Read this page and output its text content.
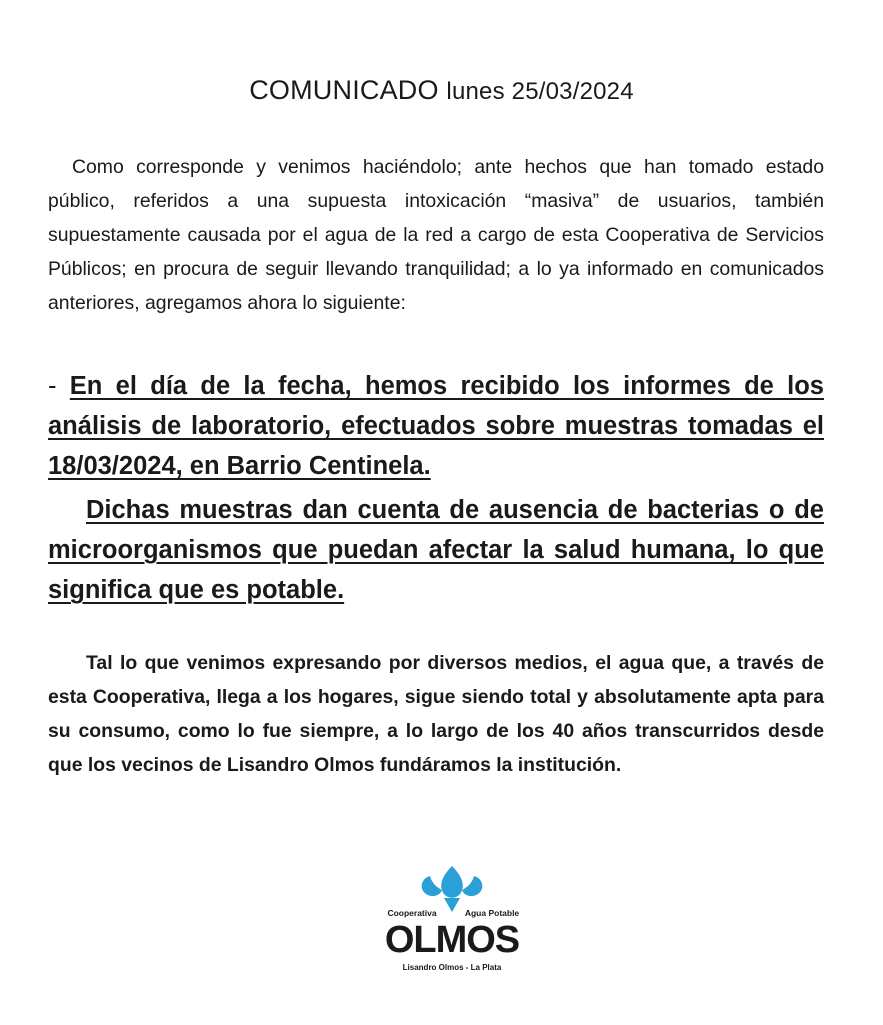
COMUNICADO lunes 25/03/2024

Como corresponde y venimos haciéndolo; ante hechos que han tomado estado público, referidos a una supuesta intoxicación “masiva” de usuarios, también supuestamente causada por el agua de la red a cargo de esta Cooperativa de Servicios Públicos; en procura de seguir llevando tranquilidad; a lo ya informado en comunicados anteriores, agregamos ahora lo siguiente:

- En el día de la fecha, hemos recibido los informes de los análisis de laboratorio, efectuados sobre muestras tomadas el 18/03/2024, en Barrio Centinela.

Dichas muestras dan cuenta de ausencia de bacterias o de microorganismos que puedan afectar la salud humana, lo que significa que es potable.

Tal lo que venimos expresando por diversos medios, el agua que, a través de esta Cooperativa, llega a los hogares, sigue siendo total y absolutamente apta para su consumo, como lo fue siempre, a lo largo de los 40 años transcurridos desde que los vecinos de Lisandro Olmos fundáramos la institución.

Cooperativa	Agua Potable
OLMOS
Lisandro Olmos - La Plata
